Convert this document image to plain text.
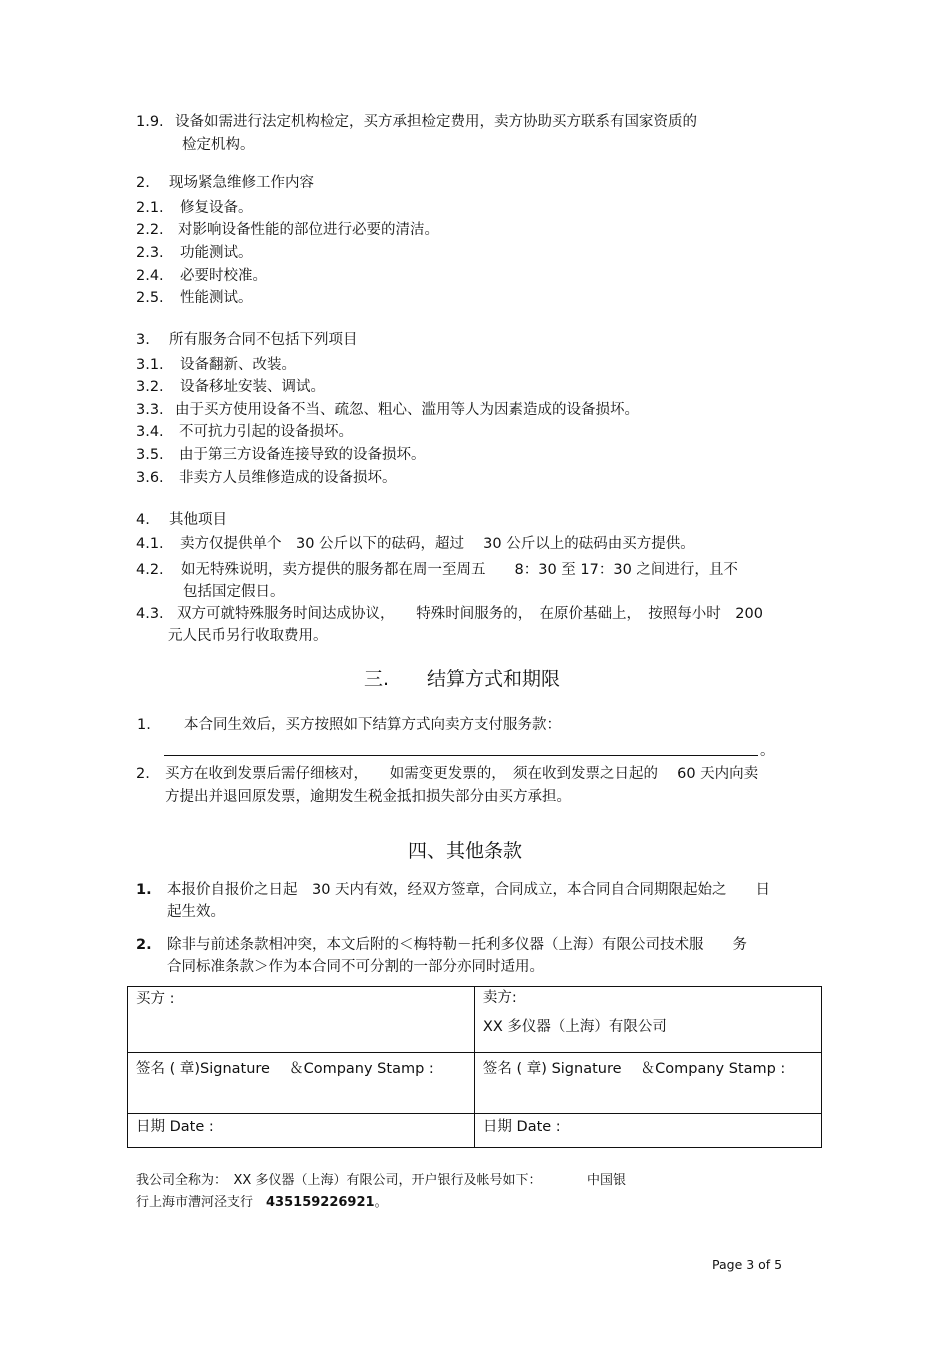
1.9. 设备如需进行法定机构检定，买方承担检定费用，卖方协助买方联系有国家资质的
检定机构。
2. 现场紧急维修工作内容
2.1. 修复设备。
2.2. 对影响设备性能的部位进行必要的清洁。
2.3. 功能测试。
2.4. 必要时校准。
2.5. 性能测试。
3. 所有服务合同不包括下列项目
3.1. 设备翻新、改装。
3.2. 设备移址安装、调试。
3.3. 由于买方使用设备不当、疏忽、粗心、滥用等人为因素造成的设备损坏。
3.4. 不可抗力引起的设备损坏。
3.5. 由于第三方设备连接导致的设备损坏。
3.6. 非卖方人员维修造成的设备损坏。
4. 其他项目
4.1. 卖方仅提供单个　30 公斤以下的砝码，超过　 30 公斤以上的砝码由买方提供。
4.2. 如无特殊说明，卖方提供的服务都在周一至周五　　8：30 至 17：30 之间进行，且不
包括国定假日。
4.3. 双方可就特殊服务时间达成协议，　　特殊时间服务的，　在原价基础上，　按照每小时　200
元人民币另行收取费用。
三.　　结算方式和期限
1. 本合同生效后，买方按照如下结算方式向卖方支付服务款：
。
2. 买方在收到发票后需仔细核对，　　如需变更发票的，　须在收到发票之日起的　 60 天内向卖
方提出并退回原发票，逾期发生税金抵扣损失部分由买方承担。
四、其他条款
1. 本报价自报价之日起　30 天内有效，经双方签章，合同成立，本合同自合同期限起始之　　日
起生效。
2. 除非与前述条款相冲突，本文后附的＜梅特勒－托利多仪器（上海）有限公司技术服　　务
合同标准条款＞作为本合同不可分割的一部分亦同时适用。
买方 :	卖方:
XX 多仪器（上海）有限公司

签名 ( 章)Signature　 ＆Company Stamp :	签名 ( 章) Signature　 ＆Company Stamp :

日期 Date :	日期 Date :
我公司全称为：　XX 多仪器（上海）有限公司，开户银行及帐号如下：　　　　中国银
行上海市漕河泾支行　435159226921。
Page 3 of 5
